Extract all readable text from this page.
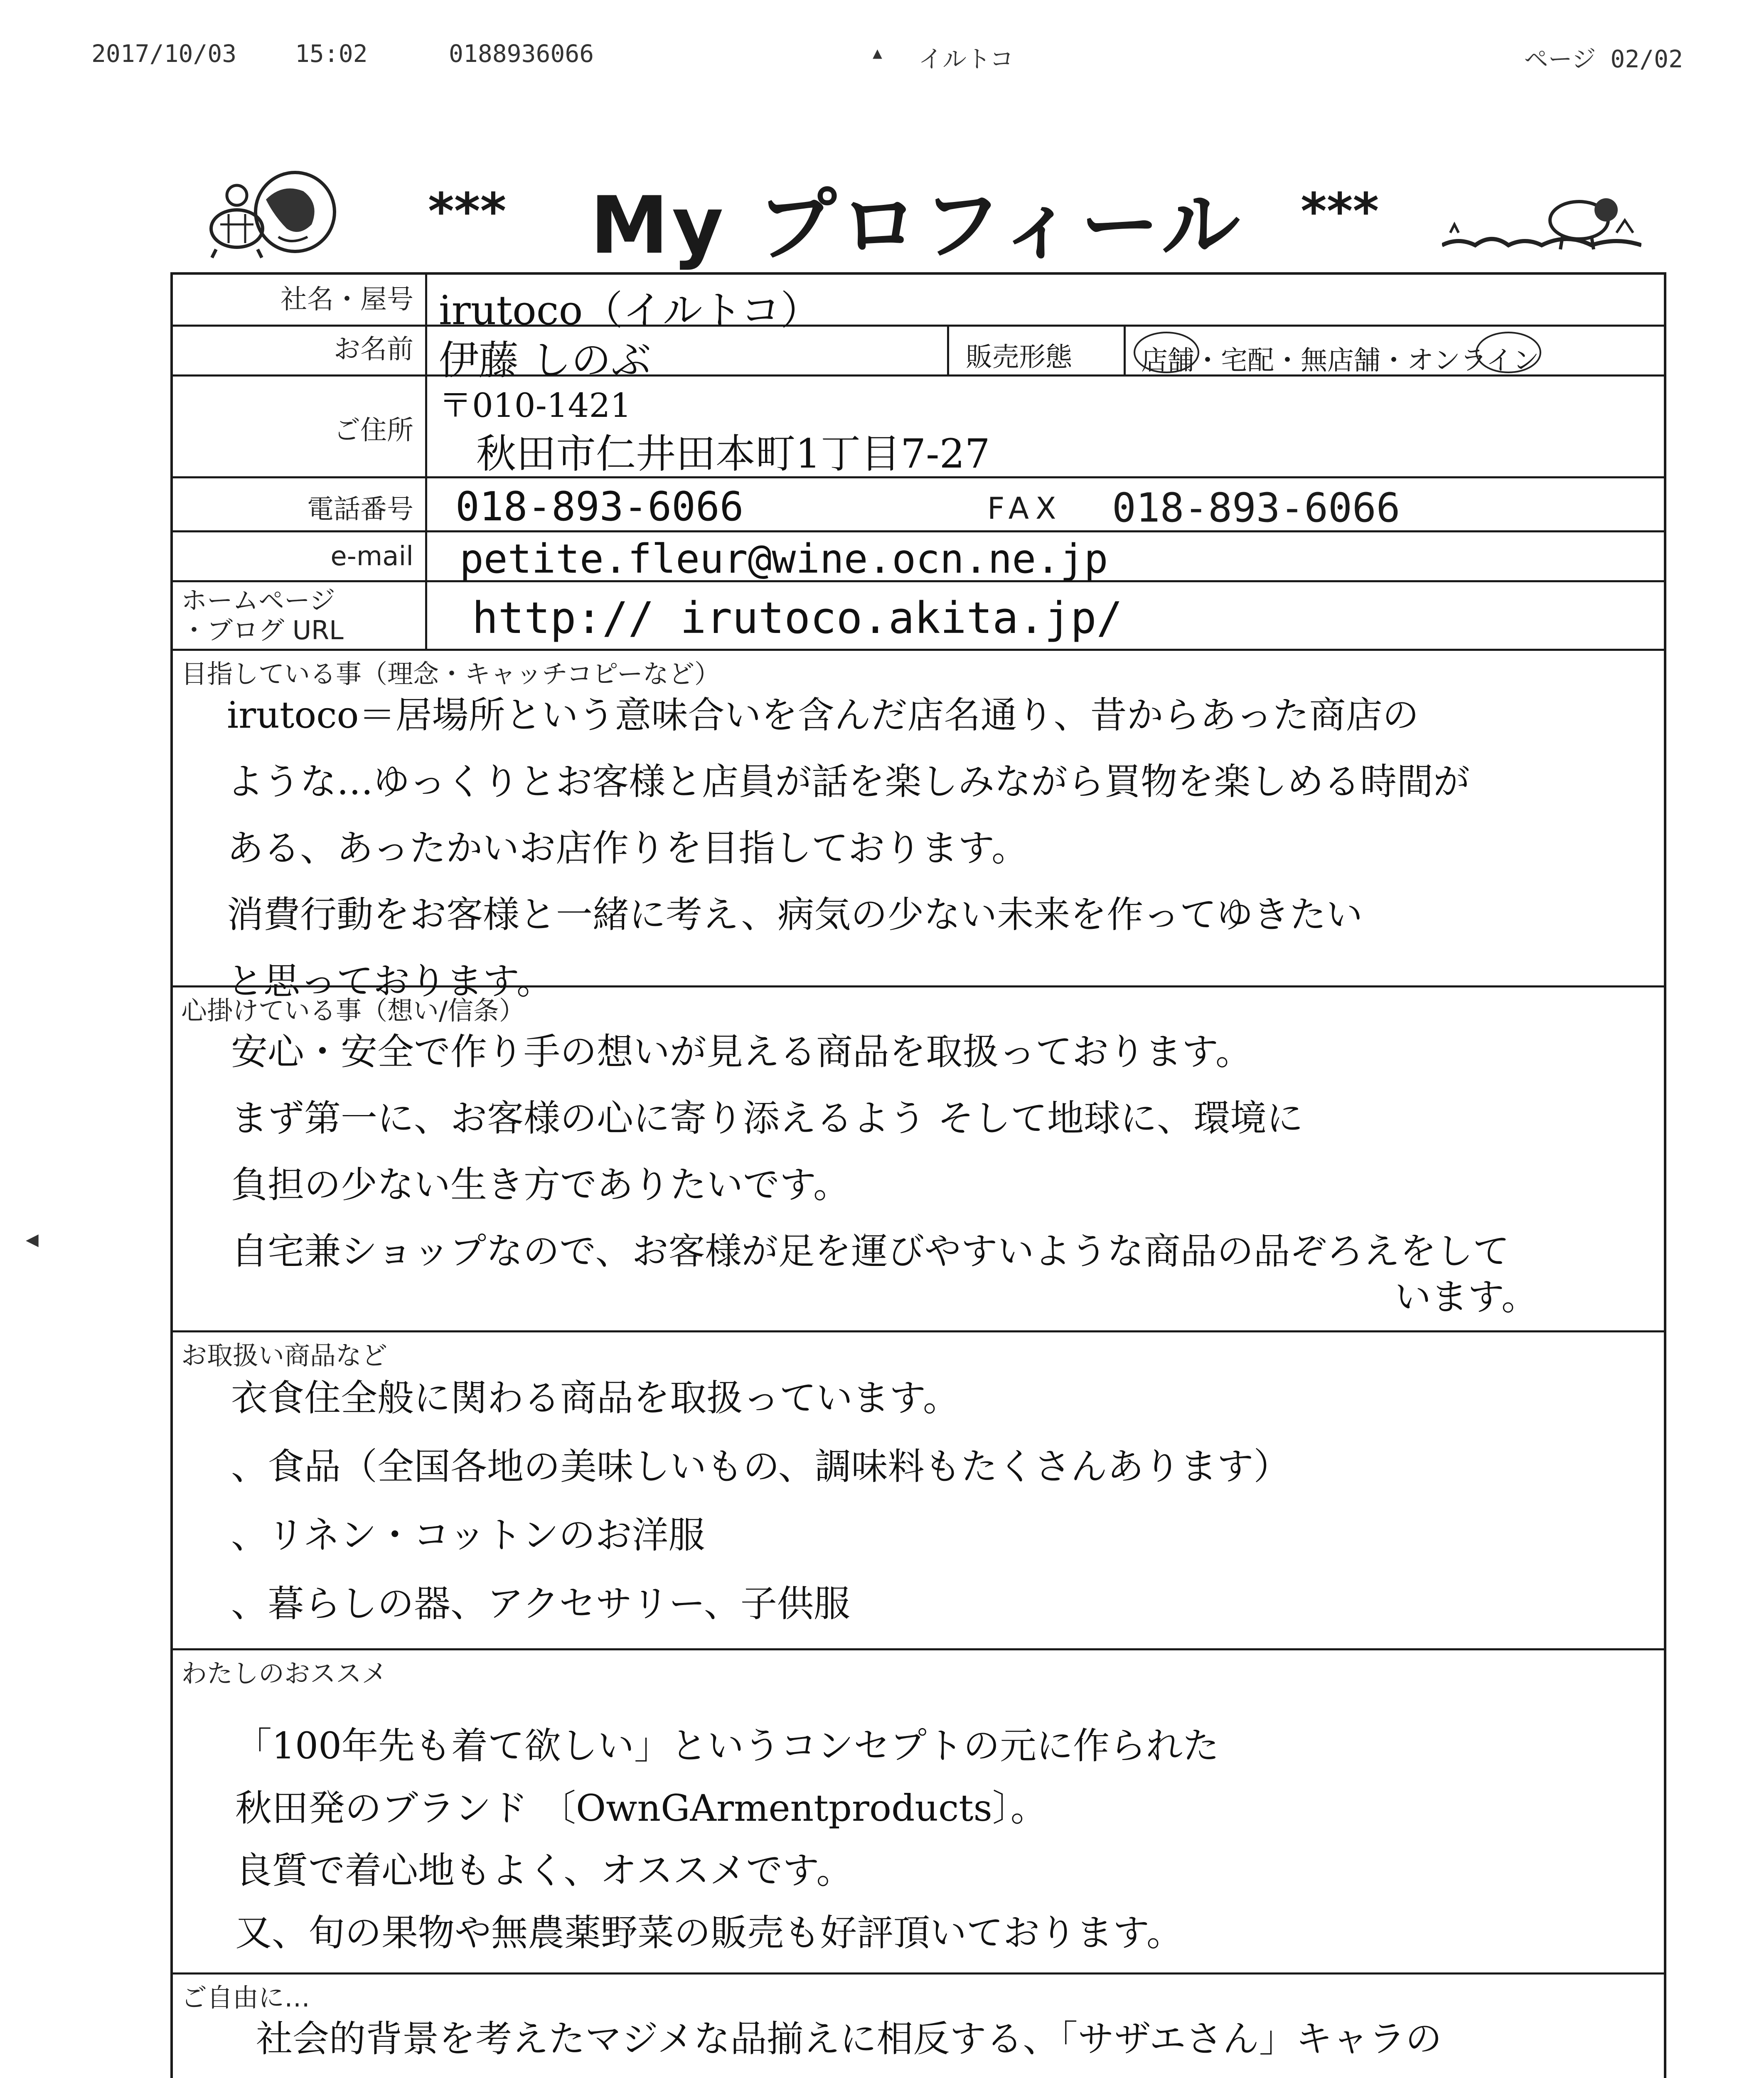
2017/10/03 15:02	0188936066	▲ イルトコ	ページ 02/02
◀
*** My プロフィール ***
社名・屋号 irutoco（イルトコ）
お名前 伊藤 しのぶ	販売形態	店舗・宅配・無店舗・オンライン
ご住所
〒010-1421
秋田市仁井田本町1丁目7-27
電話番号 018-893-6066	FAX 018-893-6066
e-mail petite.fleur@wine.ocn.ne.jp
ホームページ
・ブログ URL	http:// irutoco.akita.jp/
目指している事（理念・キャッチコピーなど）
irutoco＝居場所という意味合いを含んだ店名通り、昔からあった商店の
ような…ゆっくりとお客様と店員が話を楽しみながら買物を楽しめる時間が
ある、あったかいお店作りを目指しております。
消費行動をお客様と一緒に考え、病気の少ない未来を作ってゆきたい
と思っております。
心掛けている事（想い/信条）
安心・安全で作り手の想いが見える商品を取扱っております。
まず第一に、お客様の心に寄り添えるよう そして地球に、環境に
負担の少ない生き方でありたいです。
自宅兼ショップなので、お客様が足を運びやすいような商品の品ぞろえをして
います。
お取扱い商品など
衣食住全般に関わる商品を取扱っています。
、食品（全国各地の美味しいもの、調味料もたくさんあります）
、リネン・コットンのお洋服
、暮らしの器、アクセサリー、子供服
わたしのおススメ
「100年先も着て欲しい」というコンセプトの元に作られた
秋田発のブランド 〔OwnGArmentproducts〕。
良質で着心地もよく、オススメです。
又、旬の果物や無農薬野菜の販売も好評頂いております。
ご自由に…
社会的背景を考えたマジメな品揃えに相反する、「サザエさん」キャラの
